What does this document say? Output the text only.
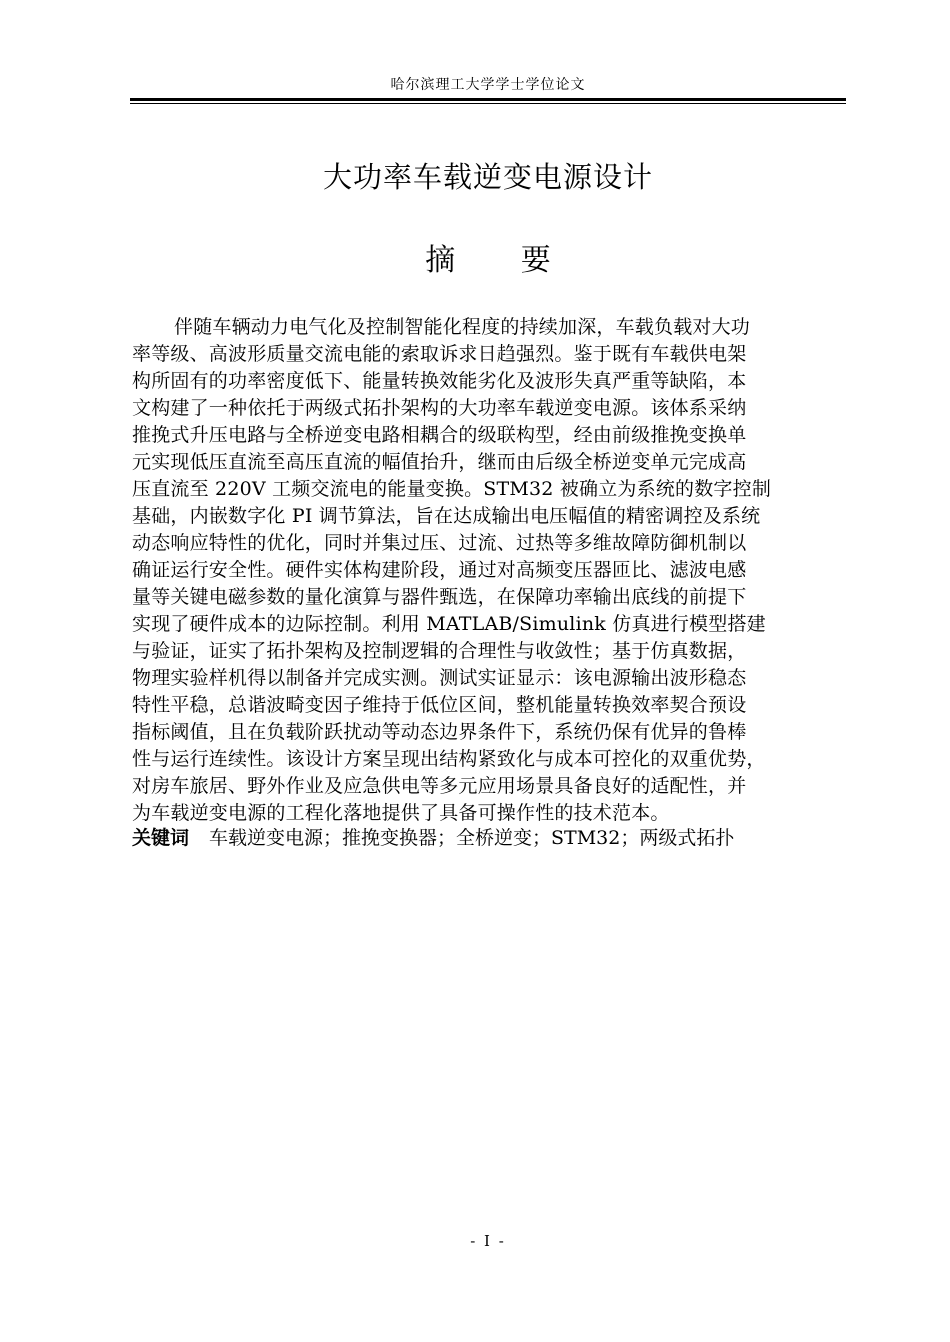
哈尔滨理工大学学士学位论文
大功率车载逆变电源设计
摘 要
伴随车辆动力电气化及控制智能化程度的持续加深，车载负载对大功
率等级、高波形质量交流电能的索取诉求日趋强烈。鉴于既有车载供电架
构所固有的功率密度低下、能量转换效能劣化及波形失真严重等缺陷，本
文构建了一种依托于两级式拓扑架构的大功率车载逆变电源。该体系采纳
推挽式升压电路与全桥逆变电路相耦合的级联构型，经由前级推挽变换单
元实现低压直流至高压直流的幅值抬升，继而由后级全桥逆变单元完成高
压直流至 220V 工频交流电的能量变换。STM32 被确立为系统的数字控制
基础，内嵌数字化 PI 调节算法，旨在达成输出电压幅值的精密调控及系统
动态响应特性的优化，同时并集过压、过流、过热等多维故障防御机制以
确证运行安全性。硬件实体构建阶段，通过对高频变压器匝比、滤波电感
量等关键电磁参数的量化演算与器件甄选，在保障功率输出底线的前提下
实现了硬件成本的边际控制。利用 MATLAB/Simulink 仿真进行模型搭建
与验证，证实了拓扑架构及控制逻辑的合理性与收敛性；基于仿真数据，
物理实验样机得以制备并完成实测。测试实证显示：该电源输出波形稳态
特性平稳，总谐波畸变因子维持于低位区间，整机能量转换效率契合预设
指标阈值，且在负载阶跃扰动等动态边界条件下，系统仍保有优异的鲁棒
性与运行连续性。该设计方案呈现出结构紧致化与成本可控化的双重优势，
对房车旅居、野外作业及应急供电等多元应用场景具备良好的适配性，并
为车载逆变电源的工程化落地提供了具备可操作性的技术范本。
关键词 车载逆变电源；推挽变换器；全桥逆变；STM32；两级式拓扑
- I -
